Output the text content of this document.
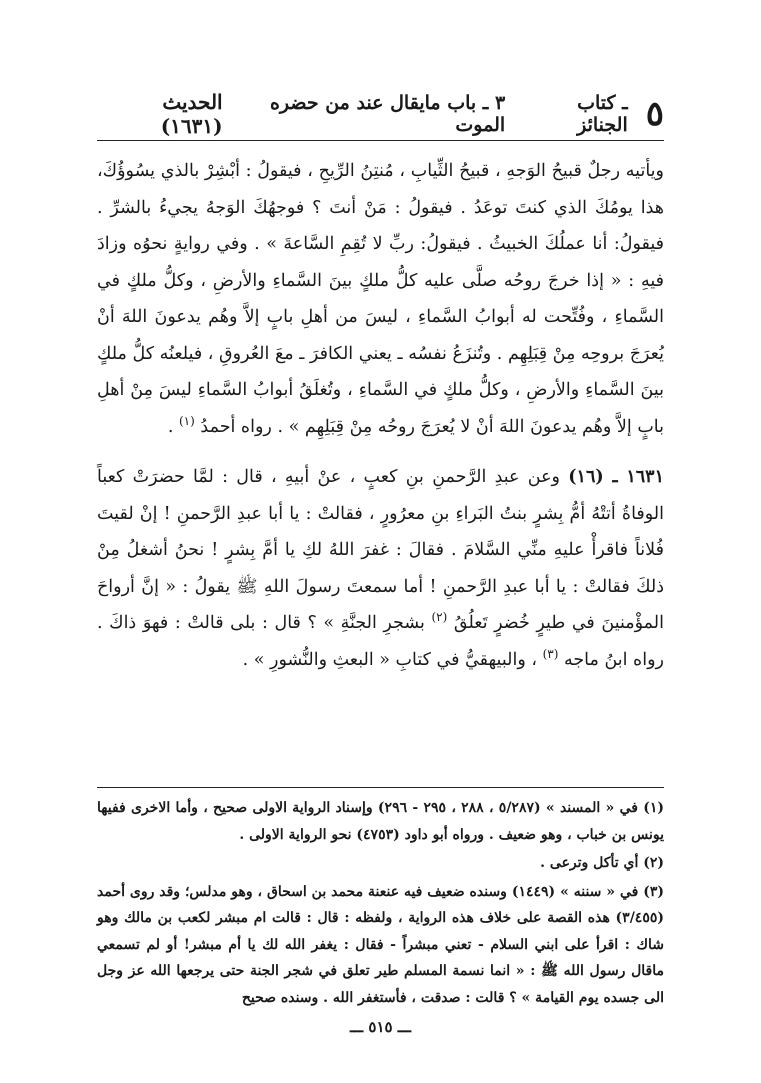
٥
ـ كتاب الجنائز
٣ ـ باب مايقال عند من حضره الموت
الحديث (١٦٣١)

ويأتيه رجلٌ قبيحُ الوَجهِ ، قبيحُ الثِّيابِ ، مُنتِنُ الرِّيحِ ، فيقولُ : أبْشِرْ بالذي يسُوؤُكَ، هذا يومُكَ الذي كنتَ توعَدُ . فيقولُ : مَنْ أنتَ ؟ فوجهُكَ الوَجهُ يجيءُ بالشرِّ . فيقولُ: أنا عملُكَ الخبيثُ . فيقولُ: ربِّ لا تُقِمِ السَّاعةَ » . وفي روايةٍ نحوُه وزادَ فيهِ : « إذا خرجَ روحُه صلَّى عليه كلُّ ملكٍ بينَ السَّماءِ والأرضِ ، وكلُّ ملكٍ في السَّماءِ ، وفُتِّحت له أبوابُ السَّماءِ ، ليسَ من أهلِ بابٍ إلاَّ وهُم يدعونَ اللهَ أنْ يُعرَجَ بروحِه مِنْ قِبَلِهِم . وتُنزَعُ نفسُه ـ يعني الكافرَ ـ معَ العُروقِ ، فيلعنُه كلُّ ملكٍ بينَ السَّماءِ والأرضِ ، وكلُّ ملكٍ في السَّماءِ ، وتُغلَقُ أبوابُ السَّماءِ ليسَ مِنْ أهلِ بابٍ إلاَّ وهُم يدعونَ اللهَ أنْ لا يُعرَجَ روحُه مِنْ قِبَلِهِم » . رواه أحمدُ $^{(١)}$ .

١٦٣١ ـ (١٦) وعن عبدِ الرَّحمنِ بنِ كعبٍ ، عنْ أبيهِ ، قال : لمَّا حضرَتْ كعباً الوفاةُ أتتْهُ أمُّ بِشرٍ بنتُ البَراءِ بنِ معرُورٍ ، فقالتْ : يا أبا عبدِ الرَّحمنِ ! إنْ لقيتَ فُلاناً فاقرأْ عليهِ منِّي السَّلامَ . فقالَ : غفرَ اللهُ لكِ يا أمَّ بِشرٍ ! نحنُ أشغلُ مِنْ ذلكَ فقالتْ : يا أبا عبدِ الرَّحمنِ ! أما سمعتَ رسولَ اللهِ ﷺ يقولُ : « إنَّ أرواحَ المؤْمنينَ في طيرٍ خُضرٍ تَعلُقُ $^{(٢)}$ بشجرِ الجنَّةِ » ؟ قال : بلى قالتْ : فهوَ ذاكَ . رواه ابنُ ماجه $^{(٣)}$ ، والبيهقيُّ في كتابِ « البعثِ والنُّشورِ » .

(١) في « المسند » (٥/٢٨٧ ، ٢٨٨ ، ٢٩٥ - ٢٩٦) وإسناد الرواية الاولى صحيح ، وأما الاخرى ففيها يونس بن خباب ، وهو ضعيف . ورواه أبو داود (٤٧٥٣) نحو الرواية الاولى .

(٢) أي تأكل وترعى .

(٣) في « سننه » (١٤٤٩) وسنده ضعيف فيه عنعنة محمد بن اسحاق ، وهو مدلس؛ وقد روى أحمد (٣/٤٥٥) هذه القصة على خلاف هذه الرواية ، ولفظه : قال : قالت ام مبشر لكعب بن مالك وهو شاك : اقرأ على ابني السلام - تعني مبشراً - فقال : يغفر الله لك يا أم مبشر! أو لم تسمعي ماقال رسول الله ﷺ : « انما نسمة المسلم طير تعلق في شجر الجنة حتى يرجعها الله عز وجل الى جسده يوم القيامة » ؟ قالت : صدقت ، فأستغفر الله . وسنده صحيح

ـــ ٥١٥ ـــ
